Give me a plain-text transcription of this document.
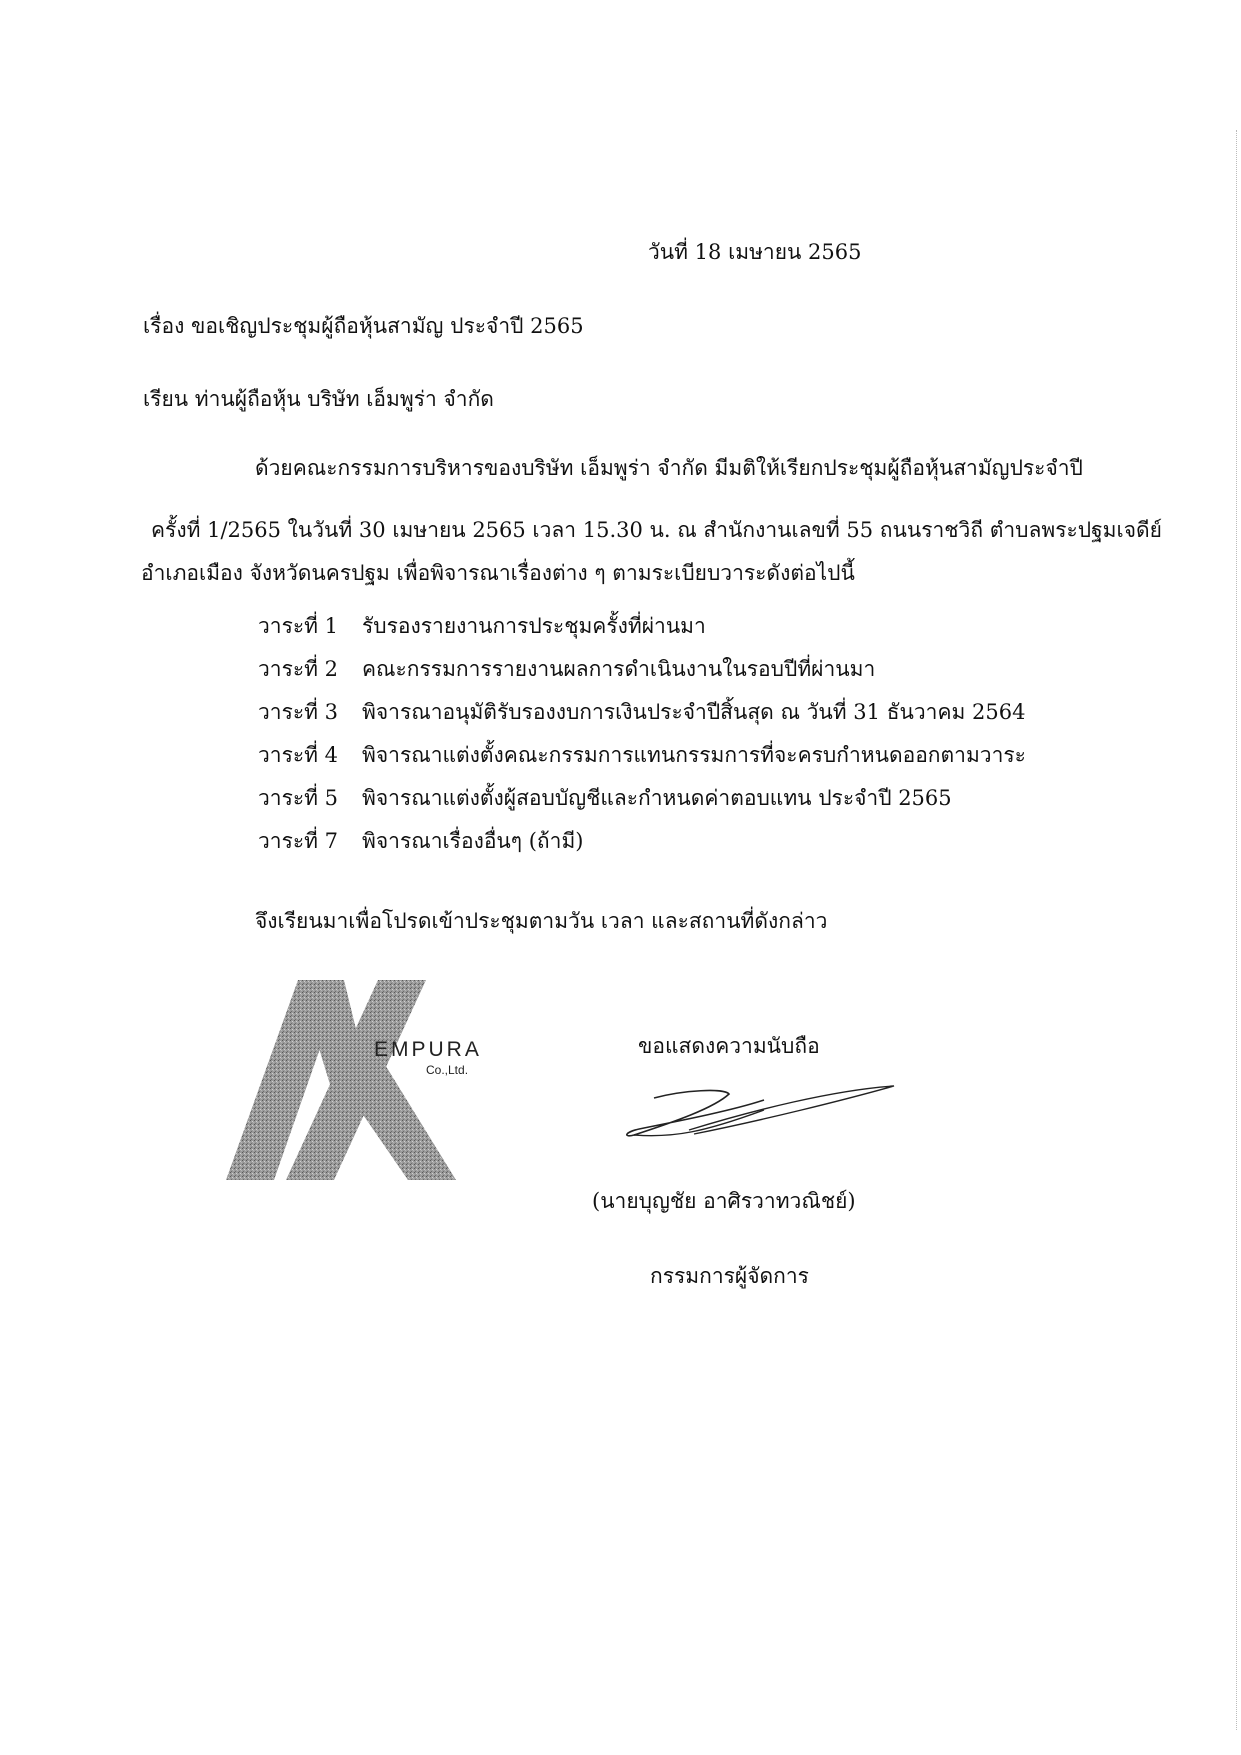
วันที่ 18 เมษายน 2565
เรื่อง ขอเชิญประชุมผู้ถือหุ้นสามัญ ประจำปี 2565
เรียน ท่านผู้ถือหุ้น บริษัท เอ็มพูร่า จำกัด
ด้วยคณะกรรมการบริหารของบริษัท เอ็มพูร่า จำกัด มีมติให้เรียกประชุมผู้ถือหุ้นสามัญประจำปี
ครั้งที่ 1/2565 ในวันที่ 30 เมษายน 2565 เวลา 15.30 น. ณ สำนักงานเลขที่ 55 ถนนราชวิถี ตำบลพระปฐมเจดีย์
อำเภอเมือง จังหวัดนครปฐม เพื่อพิจารณาเรื่องต่าง ๆ ตามระเบียบวาระดังต่อไปนี้
วาระที่ 1	รับรองรายงานการประชุมครั้งที่ผ่านมา
วาระที่ 2	คณะกรรมการรายงานผลการดำเนินงานในรอบปีที่ผ่านมา
วาระที่ 3	พิจารณาอนุมัติรับรองงบการเงินประจำปีสิ้นสุด ณ วันที่ 31 ธันวาคม 2564
วาระที่ 4	พิจารณาแต่งตั้งคณะกรรมการแทนกรรมการที่จะครบกำหนดออกตามวาระ
วาระที่ 5	พิจารณาแต่งตั้งผู้สอบบัญชีและกำหนดค่าตอบแทน ประจำปี 2565
วาระที่ 7	พิจารณาเรื่องอื่นๆ (ถ้ามี)
จึงเรียนมาเพื่อโปรดเข้าประชุมตามวัน เวลา และสถานที่ดังกล่าว
EMPURA
Co.,Ltd.
ขอแสดงความนับถือ
(นายบุญชัย อาศิรวาทวณิชย์)
กรรมการผู้จัดการ
